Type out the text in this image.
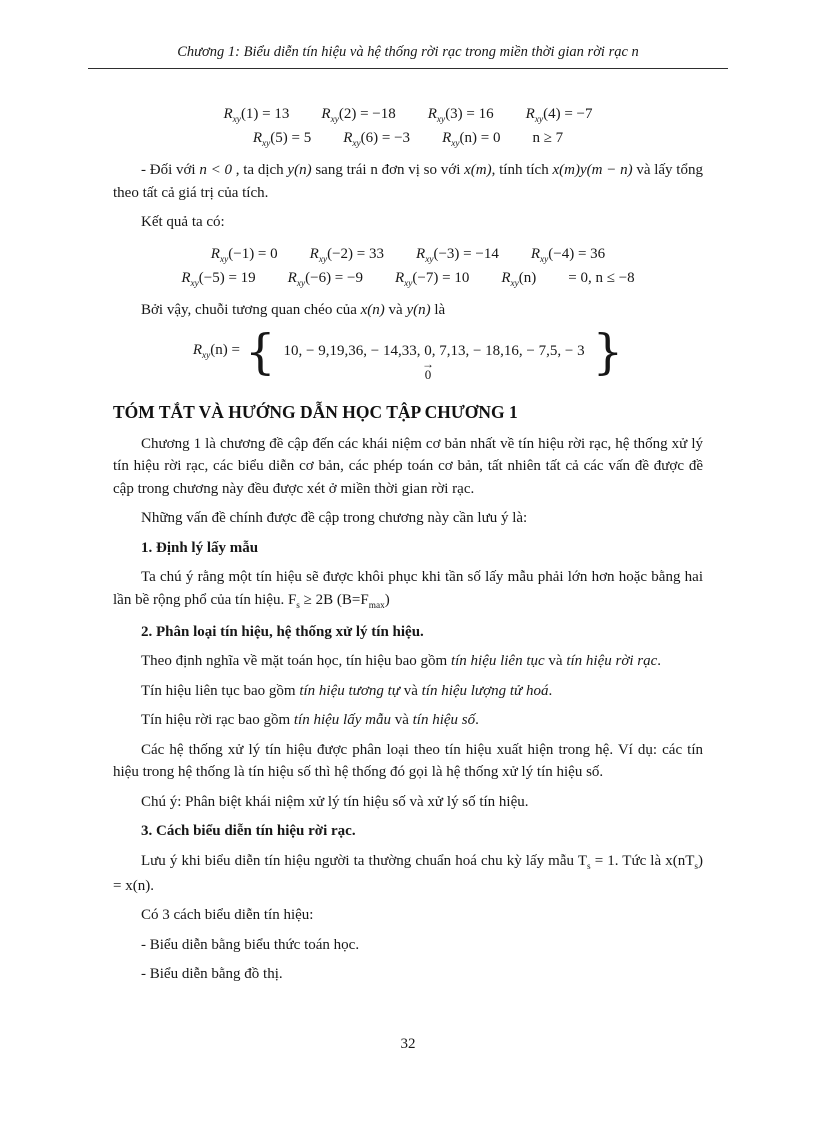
Chương 1: Biểu diễn tín hiệu và hệ thống rời rạc trong miền thời gian rời rạc n
$R_{xy}(1) = 13$ $R_{xy}(2) = -18$ $R_{xy}(3) = 16$ $R_{xy}(4) = -7$
$R_{xy}(5) = 5$ $R_{xy}(6) = -3$ $R_{xy}(n) = 0$ n ≥ 7

- Đối với n < 0 , ta dịch y(n) sang trái n đơn vị so với x(m), tính tích x(m)y(m − n) và lấy tổng theo tất cả giá trị của tích.

Kết quả ta có:

$R_{xy}(-1) = 0$ $R_{xy}(-2) = 33$ $R_{xy}(-3) = -14$ $R_{xy}(-4) = 36$
$R_{xy}(-5) = 19$ $R_{xy}(-6) = -9$ $R_{xy}(-7) = 10$ $R_{xy}(n) = 0$, n ≤ −8

Bởi vậy, chuỗi tương quan chéo của x(n) và y(n) là

$R_{xy}(n)$ = { 10, − 9,19,36, − 14,33, 0
→
0
, 7,13, − 18,16, − 7,5, − 3 }
TÓM TẮT VÀ HƯỚNG DẪN HỌC TẬP CHƯƠNG 1

Chương 1 là chương đề cập đến các khái niệm cơ bản nhất về tín hiệu rời rạc, hệ thống xử lý tín hiệu rời rạc, các biểu diễn cơ bản, các phép toán cơ bản, tất nhiên tất cả các vấn đề được đề cập trong chương này đều được xét ở miền thời gian rời rạc.

Những vấn đề chính được đề cập trong chương này cần lưu ý là:

1. Định lý lấy mẫu

Ta chú ý rằng một tín hiệu sẽ được khôi phục khi tần số lấy mẫu phải lớn hơn hoặc bằng hai lần bề rộng phổ của tín hiệu. $F_s \ge 2B$ $(B=F_{max})$

2. Phân loại tín hiệu, hệ thống xử lý tín hiệu.

Theo định nghĩa về mặt toán học, tín hiệu bao gồm tín hiệu liên tục và tín hiệu rời rạc.

Tín hiệu liên tục bao gồm tín hiệu tương tự và tín hiệu lượng tử hoá.

Tín hiệu rời rạc bao gồm tín hiệu lấy mẫu và tín hiệu số.

Các hệ thống xử lý tín hiệu được phân loại theo tín hiệu xuất hiện trong hệ. Ví dụ: các tín hiệu trong hệ thống là tín hiệu số thì hệ thống đó gọi là hệ thống xử lý tín hiệu số.

Chú ý: Phân biệt khái niệm xử lý tín hiệu số và xử lý số tín hiệu.

3. Cách biểu diễn tín hiệu rời rạc.

Lưu ý khi biểu diễn tín hiệu người ta thường chuẩn hoá chu kỳ lấy mẫu $T_s = 1$. Tức là $x(nT_s) = x(n)$.

Có 3 cách biểu diễn tín hiệu:

- Biểu diễn bằng biểu thức toán học.

- Biểu diễn bằng đồ thị.

32
